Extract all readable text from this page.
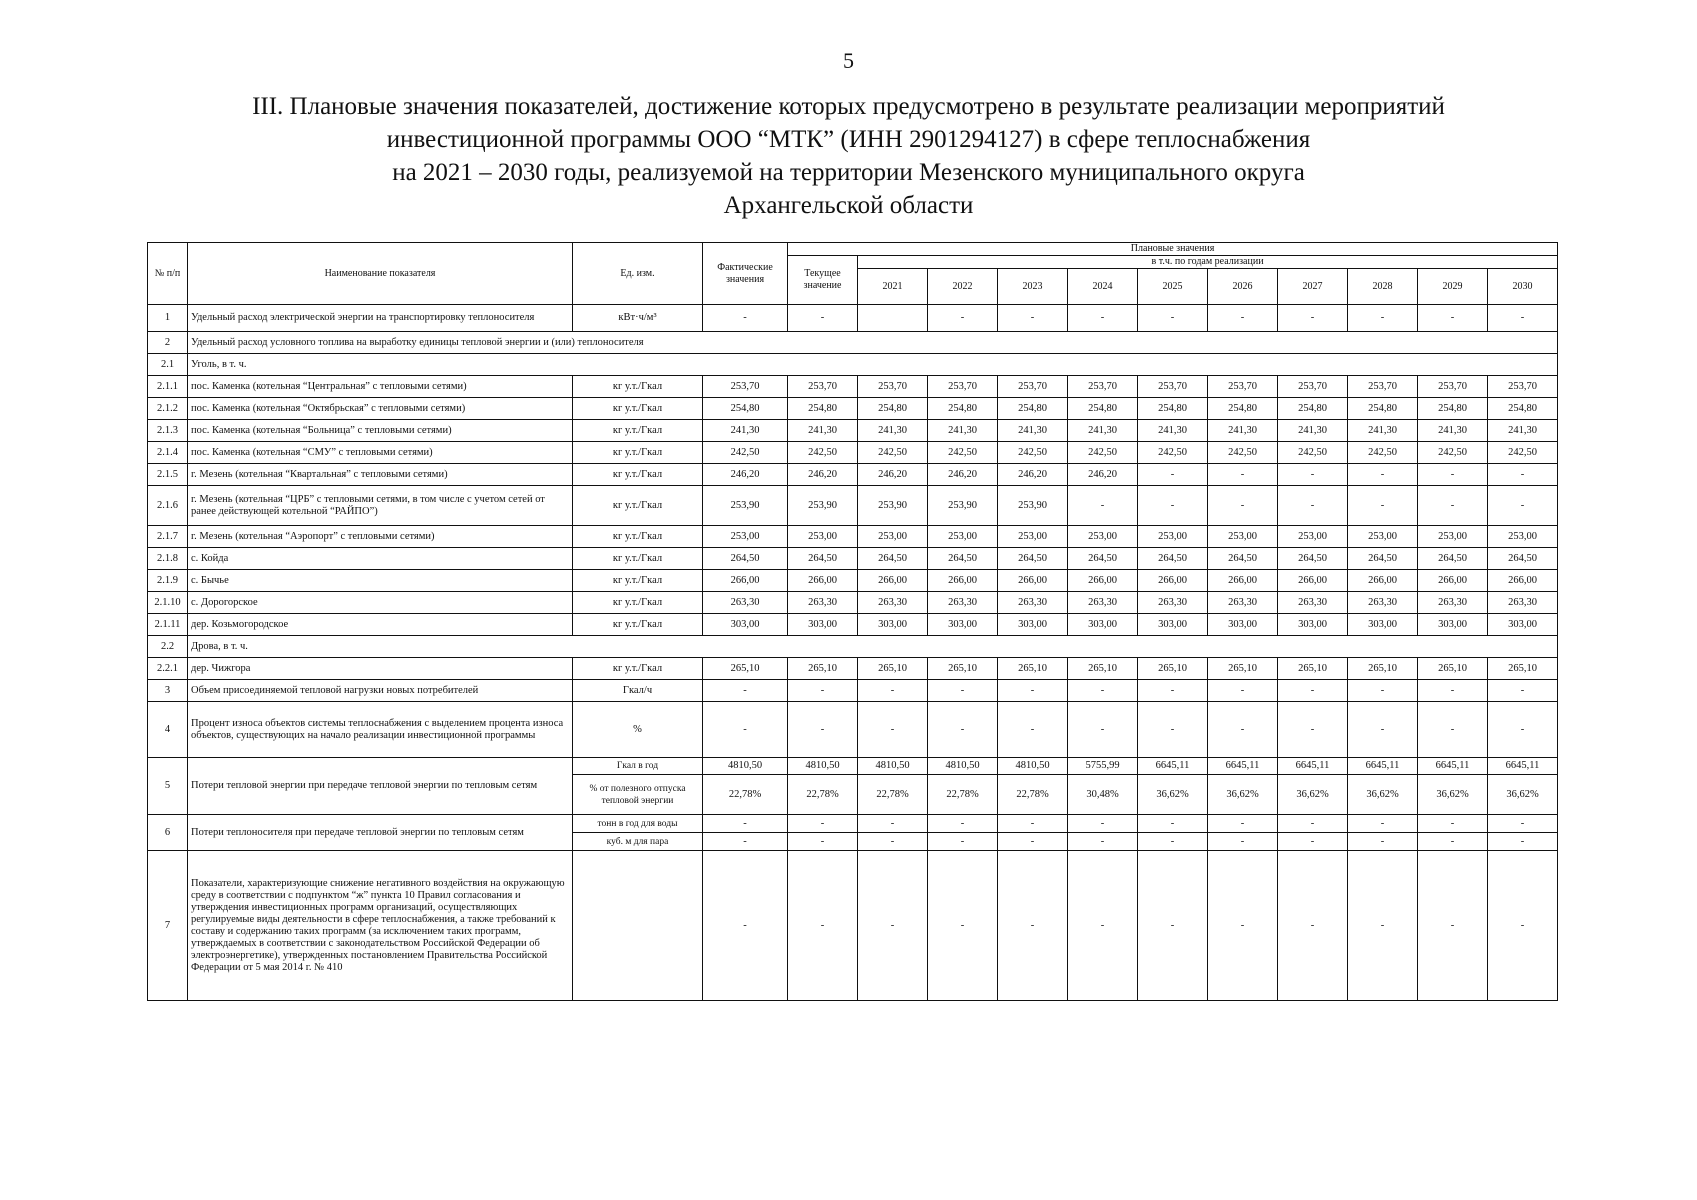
5
III. Плановые значения показателей, достижение которых предусмотрено в результате реализации мероприятий
инвестиционной программы ООО “МТК” (ИНН 2901294127) в сфере теплоснабжения
на 2021 – 2030 годы, реализуемой на территории Мезенского муниципального округа
Архангельской области
№ п/п	Наименование показателя	Ед. изм.	Фактические значения	Плановые значения										
				Текущее значение	в т.ч. по годам реализации									
					2021	2022	2023	2024	2025	2026	2027	2028	2029	2030
1	Удельный расход электрической энергии на транспортировку теплоносителя	кВт·ч/м³	-	-		-	-	-	-	-	-	-	-	-
2	Удельный расход условного топлива на выработку единицы тепловой энергии и (или) теплоносителя													
2.1	Уголь, в т. ч.													
2.1.1	пос. Каменка (котельная “Центральная” с тепловыми сетями)	кг у.т./Гкал	253,70	253,70	253,70	253,70	253,70	253,70	253,70	253,70	253,70	253,70	253,70	253,70
2.1.2	пос. Каменка (котельная “Октябрьская” с тепловыми сетями)	кг у.т./Гкал	254,80	254,80	254,80	254,80	254,80	254,80	254,80	254,80	254,80	254,80	254,80	254,80
2.1.3	пос. Каменка (котельная “Больница” с тепловыми сетями)	кг у.т./Гкал	241,30	241,30	241,30	241,30	241,30	241,30	241,30	241,30	241,30	241,30	241,30	241,30
2.1.4	пос. Каменка (котельная “СМУ” с тепловыми сетями)	кг у.т./Гкал	242,50	242,50	242,50	242,50	242,50	242,50	242,50	242,50	242,50	242,50	242,50	242,50
2.1.5	г. Мезень (котельная “Квартальная” с тепловыми сетями)	кг у.т./Гкал	246,20	246,20	246,20	246,20	246,20	246,20	-	-	-	-	-	-
2.1.6	г. Мезень (котельная “ЦРБ” с тепловыми сетями, в том числе с учетом сетей от ранее действующей котельной “РАЙПО”)	кг у.т./Гкал	253,90	253,90	253,90	253,90	253,90	-	-	-	-	-	-	-
2.1.7	г. Мезень (котельная “Аэропорт” с тепловыми сетями)	кг у.т./Гкал	253,00	253,00	253,00	253,00	253,00	253,00	253,00	253,00	253,00	253,00	253,00	253,00
2.1.8	с. Койда	кг у.т./Гкал	264,50	264,50	264,50	264,50	264,50	264,50	264,50	264,50	264,50	264,50	264,50	264,50
2.1.9	с. Бычье	кг у.т./Гкал	266,00	266,00	266,00	266,00	266,00	266,00	266,00	266,00	266,00	266,00	266,00	266,00
2.1.10	с. Дорогорское	кг у.т./Гкал	263,30	263,30	263,30	263,30	263,30	263,30	263,30	263,30	263,30	263,30	263,30	263,30
2.1.11	дер. Козьмогородское	кг у.т./Гкал	303,00	303,00	303,00	303,00	303,00	303,00	303,00	303,00	303,00	303,00	303,00	303,00
2.2	Дрова, в т. ч.													
2.2.1	дер. Чижгора	кг у.т./Гкал	265,10	265,10	265,10	265,10	265,10	265,10	265,10	265,10	265,10	265,10	265,10	265,10
3	Объем присоединяемой тепловой нагрузки новых потребителей	Гкал/ч	-	-	-	-	-	-	-	-	-	-	-	-
4	Процент износа объектов системы теплоснабжения с выделением процента износа объектов, существующих на начало реализации инвестиционной программы	%	-	-	-	-	-	-	-	-	-	-	-	-
5	Потери тепловой энергии при передаче тепловой энергии по тепловым сетям	Гкал в год	4810,50	4810,50	4810,50	4810,50	4810,50	5755,99	6645,11	6645,11	6645,11	6645,11	6645,11	6645,11
		% от полезного отпуска тепловой энергии	22,78%	22,78%	22,78%	22,78%	22,78%	30,48%	36,62%	36,62%	36,62%	36,62%	36,62%	36,62%
6	Потери теплоносителя при передаче тепловой энергии по тепловым сетям	тонн в год для воды	-	-	-	-	-	-	-	-	-	-	-	-
		куб. м для пара	-	-	-	-	-	-	-	-	-	-	-	-
7	Показатели, характеризующие снижение негативного воздействия на окружающую среду в соответствии с подпунктом “ж” пункта 10 Правил согласования и утверждения инвестиционных программ организаций, осуществляющих регулируемые виды деятельности в сфере теплоснабжения, а также требований к составу и содержанию таких программ (за исключением таких программ, утверждаемых в соответствии с законодательством Российской Федерации об электроэнергетике), утвержденных постановлением Правительства Российской Федерации от 5 мая 2014 г. № 410		-	-	-	-	-	-	-	-	-	-	-	-
